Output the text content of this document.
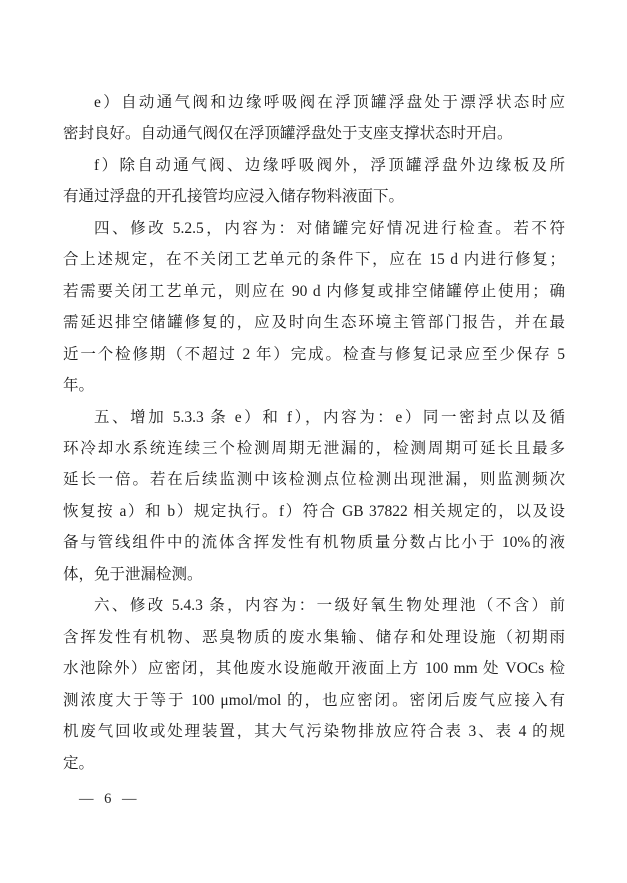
e）自动通气阀和边缘呼吸阀在浮顶罐浮盘处于漂浮状态时应
密封良好。自动通气阀仅在浮顶罐浮盘处于支座支撑状态时开启。
f）除自动通气阀、边缘呼吸阀外，浮顶罐浮盘外边缘板及所
有通过浮盘的开孔接管均应浸入储存物料液面下。
四、修改 5.2.5，内容为：对储罐完好情况进行检查。若不符
合上述规定，在不关闭工艺单元的条件下，应在 15 d 内进行修复；
若需要关闭工艺单元，则应在 90 d 内修复或排空储罐停止使用；确
需延迟排空储罐修复的，应及时向生态环境主管部门报告，并在最
近一个检修期（不超过 2 年）完成。检查与修复记录应至少保存 5
年。
五、增加 5.3.3 条 e）和 f），内容为：e）同一密封点以及循
环冷却水系统连续三个检测周期无泄漏的，检测周期可延长且最多
延长一倍。若在后续监测中该检测点位检测出现泄漏，则监测频次
恢复按 a）和 b）规定执行。f）符合 GB 37822 相关规定的，以及设
备与管线组件中的流体含挥发性有机物质量分数占比小于 10%的液
体，免于泄漏检测。
六、修改 5.4.3 条，内容为：一级好氧生物处理池（不含）前
含挥发性有机物、恶臭物质的废水集输、储存和处理设施（初期雨
水池除外）应密闭，其他废水设施敞开液面上方 100 mm 处 VOCs 检
测浓度大于等于 100 μmol/mol 的，也应密闭。密闭后废气应接入有
机废气回收或处理装置，其大气污染物排放应符合表 3、表 4 的规
定。
— 6 —
